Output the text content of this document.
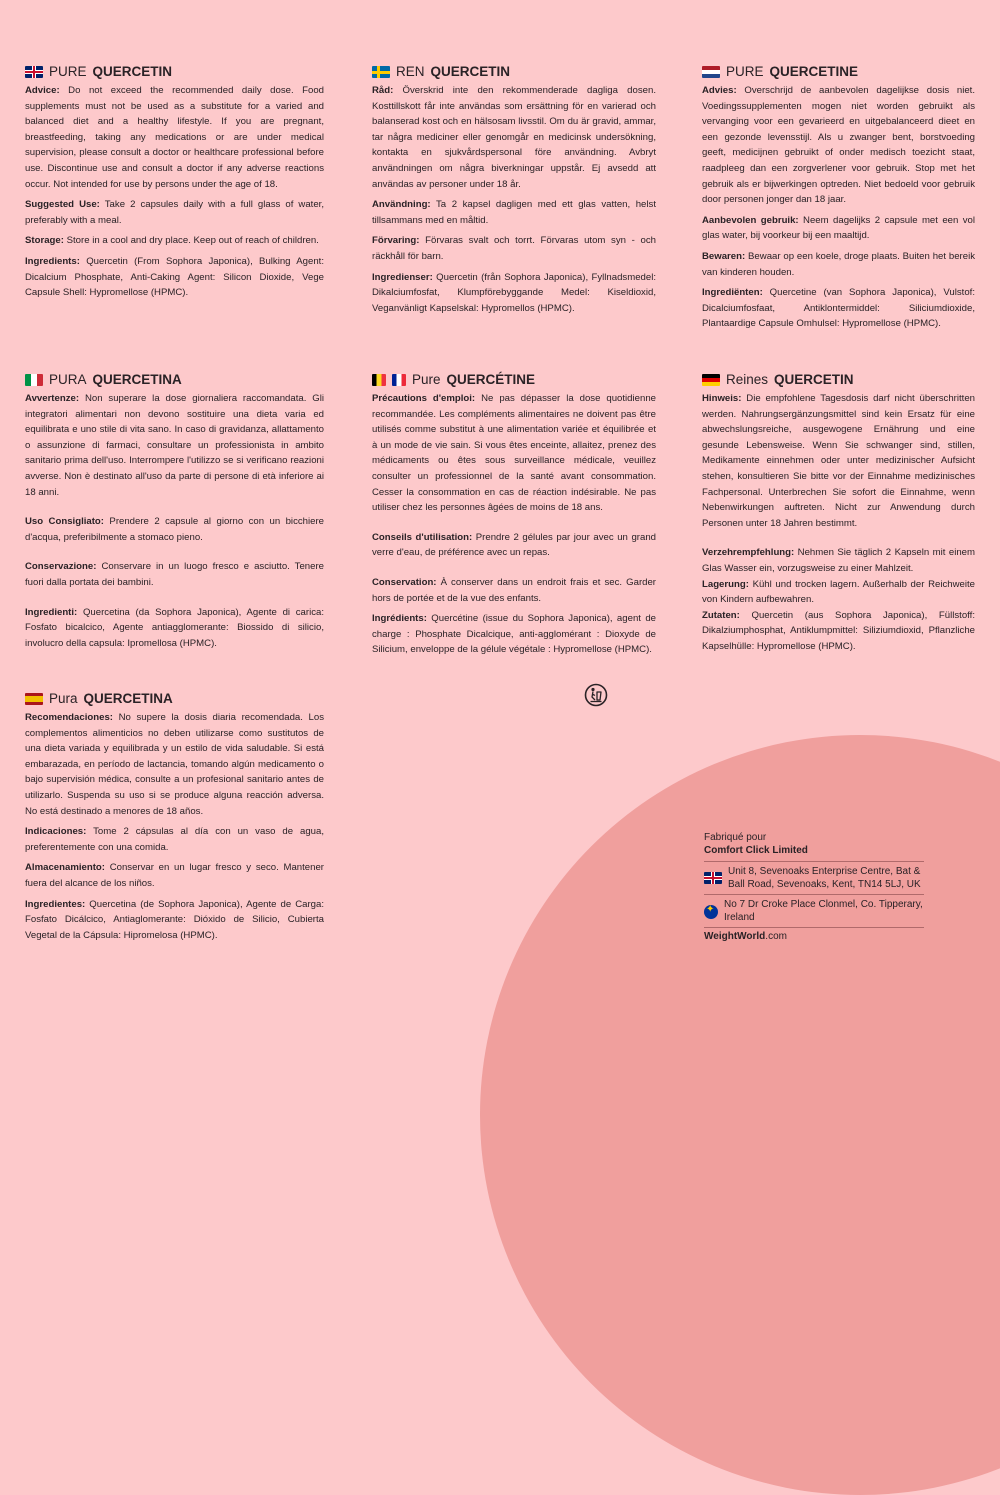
PURE QUERCETIN

Advice: Do not exceed the recommended daily dose. Food supplements must not be used as a substitute for a varied and balanced diet and a healthy lifestyle. If you are pregnant, breastfeeding, taking any medications or are under medical supervision, please consult a doctor or healthcare professional before use. Discontinue use and consult a doctor if any adverse reactions occur. Not intended for use by persons under the age of 18.

Suggested Use: Take 2 capsules daily with a full glass of water, preferably with a meal.

Storage: Store in a cool and dry place. Keep out of reach of children.

Ingredients: Quercetin (From Sophora Japonica), Bulking Agent: Dicalcium Phosphate, Anti-Caking Agent: Silicon Dioxide, Vege Capsule Shell: Hypromellose (HPMC).

REN QUERCETIN

Råd: Överskrid inte den rekommenderade dagliga dosen. Kosttillskott får inte användas som ersättning för en varierad och balanserad kost och en hälsosam livsstil. Om du är gravid, ammar, tar några mediciner eller genomgår en medicinsk undersökning, kontakta en sjukvårdspersonal före användning. Avbryt användningen om några biverkningar uppstår. Ej avsedd att användas av personer under 18 år.

Användning: Ta 2 kapsel dagligen med ett glas vatten, helst tillsammans med en måltid.

Förvaring: Förvaras svalt och torrt. Förvaras utom syn - och räckhåll för barn.

Ingredienser: Quercetin (från Sophora Japonica), Fyllnadsmedel: Dikalciumfosfat, Klumpförebyggande Medel: Kiseldioxid, Veganvänligt Kapselskal: Hypromellos (HPMC).

PURE QUERCETINE

Advies: Overschrijd de aanbevolen dagelijkse dosis niet. Voedingssupplementen mogen niet worden gebruikt als vervanging voor een gevarieerd en uitgebalanceerd dieet en een gezonde levensstijl. Als u zwanger bent, borstvoeding geeft, medicijnen gebruikt of onder medisch toezicht staat, raadpleeg dan een zorgverlener voor gebruik. Stop met het gebruik als er bijwerkingen optreden. Niet bedoeld voor gebruik door personen jonger dan 18 jaar.

Aanbevolen gebruik: Neem dagelijks 2 capsule met een vol glas water, bij voorkeur bij een maaltijd.

Bewaren: Bewaar op een koele, droge plaats. Buiten het bereik van kinderen houden.

Ingrediënten: Quercetine (van Sophora Japonica), Vulstof: Dicalciumfosfaat, Antiklontermiddel: Siliciumdioxide, Plantaardige Capsule Omhulsel: Hypromellose (HPMC).

PURA QUERCETINA

Avvertenze: Non superare la dose giornaliera raccomandata. Gli integratori alimentari non devono sostituire una dieta varia ed equilibrata e uno stile di vita sano. In caso di gravidanza, allattamento o assunzione di farmaci, consultare un professionista in ambito sanitario prima dell'uso. Interrompere l'utilizzo se si verificano reazioni avverse. Non è destinato all'uso da parte di persone di età inferiore ai 18 anni.

Uso Consigliato: Prendere 2 capsule al giorno con un bicchiere d'acqua, preferibilmente a stomaco pieno.

Conservazione: Conservare in un luogo fresco e asciutto. Tenere fuori dalla portata dei bambini.

Ingredienti: Quercetina (da Sophora Japonica), Agente di carica: Fosfato bicalcico, Agente antiagglomerante: Biossido di silicio, involucro della capsula: Ipromellosa (HPMC).

Pure QUERCÉTINE

Précautions d'emploi: Ne pas dépasser la dose quotidienne recommandée. Les compléments alimentaires ne doivent pas être utilisés comme substitut à une alimentation variée et équilibrée et à un mode de vie sain. Si vous êtes enceinte, allaitez, prenez des médicaments ou êtes sous surveillance médicale, veuillez consulter un professionnel de la santé avant consommation. Cesser la consommation en cas de réaction indésirable. Ne pas utiliser chez les personnes âgées de moins de 18 ans.

Conseils d'utilisation: Prendre 2 gélules par jour avec un grand verre d'eau, de préférence avec un repas.

Conservation: À conserver dans un endroit frais et sec. Garder hors de portée et de la vue des enfants.

Ingrédients: Quercétine (issue du Sophora Japonica), agent de charge : Phosphate Dicalcique, anti-agglomérant : Dioxyde de Silicium, enveloppe de la gélule végétale : Hypromellose (HPMC).

Reines QUERCETIN

Hinweis: Die empfohlene Tagesdosis darf nicht überschritten werden. Nahrungsergänzungsmittel sind kein Ersatz für eine abwechslungsreiche, ausgewogene Ernährung und eine gesunde Lebensweise. Wenn Sie schwanger sind, stillen, Medikamente einnehmen oder unter medizinischer Aufsicht stehen, konsultieren Sie bitte vor der Einnahme medizinisches Fachpersonal. Unterbrechen Sie sofort die Einnahme, wenn Nebenwirkungen auftreten. Nicht zur Anwendung durch Personen unter 18 Jahren bestimmt.

Verzehrempfehlung: Nehmen Sie täglich 2 Kapseln mit einem Glas Wasser ein, vorzugsweise zu einer Mahlzeit.

Lagerung: Kühl und trocken lagern. Außerhalb der Reichweite von Kindern aufbewahren.

Zutaten: Quercetin (aus Sophora Japonica), Füllstoff: Dikalziumphosphat, Antiklumpmittel: Siliziumdioxid, Pflanzliche Kapselhülle: Hypromellose (HPMC).

Pura QUERCETINA

Recomendaciones: No supere la dosis diaria recomendada. Los complementos alimenticios no deben utilizarse como sustitutos de una dieta variada y equilibrada y un estilo de vida saludable. Si está embarazada, en período de lactancia, tomando algún medicamento o bajo supervisión médica, consulte a un profesional sanitario antes de utilizarlo. Suspenda su uso si se produce alguna reacción adversa. No está destinado a menores de 18 años.

Indicaciones: Tome 2 cápsulas al día con un vaso de agua, preferentemente con una comida.

Almacenamiento: Conservar en un lugar fresco y seco. Mantener fuera del alcance de los niños.

Ingredientes: Quercetina (de Sophora Japonica), Agente de Carga: Fosfato Dicálcico, Antiaglomerante: Dióxido de Silicio, Cubierta Vegetal de la Cápsula: Hipromelosa (HPMC).

Fabriqué pour
Comfort Click Limited
Unit 8, Sevenoaks Enterprise Centre, Bat & Ball Road, Sevenoaks, Kent, TN14 5LJ, UK
✦
No 7 Dr Croke Place Clonmel, Co. Tipperary, Ireland
WeightWorld.com
